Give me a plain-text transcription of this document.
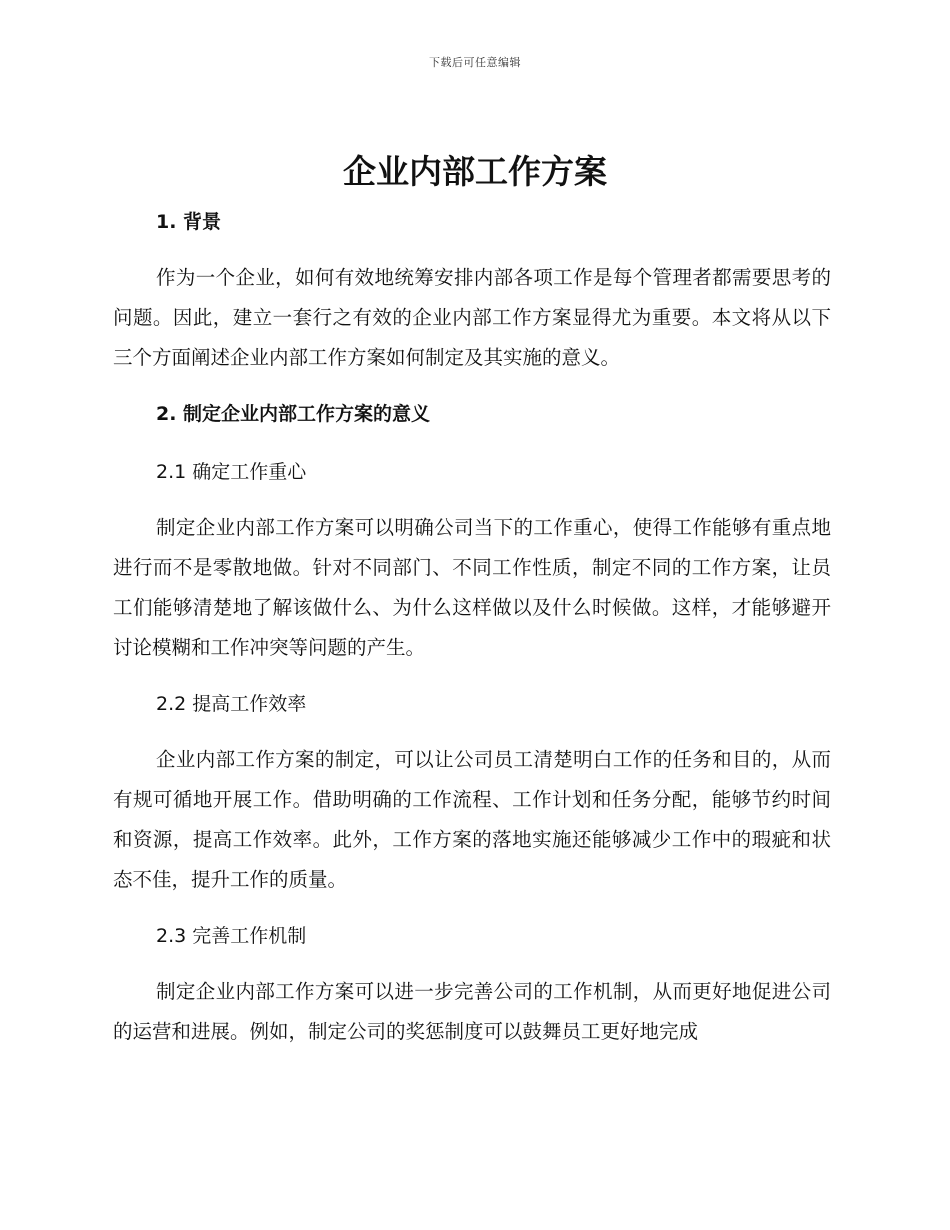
下载后可任意编辑
企业内部工作方案
1. 背景

作为一个企业，如何有效地统筹安排内部各项工作是每个管理者都需要思考的问题。因此，建立一套行之有效的企业内部工作方案显得尤为重要。本文将从以下三个方面阐述企业内部工作方案如何制定及其实施的意义。

2. 制定企业内部工作方案的意义
2.1 确定工作重心

制定企业内部工作方案可以明确公司当下的工作重心，使得工作能够有重点地进行而不是零散地做。针对不同部门、不同工作性质，制定不同的工作方案，让员工们能够清楚地了解该做什么、为什么这样做以及什么时候做。这样，才能够避开讨论模糊和工作冲突等问题的产生。

2.2 提高工作效率

企业内部工作方案的制定，可以让公司员工清楚明白工作的任务和目的，从而有规可循地开展工作。借助明确的工作流程、工作计划和任务分配，能够节约时间和资源，提高工作效率。此外，工作方案的落地实施还能够减少工作中的瑕疵和状态不佳，提升工作的质量。

2.3 完善工作机制

制定企业内部工作方案可以进一步完善公司的工作机制，从而更好地促进公司的运营和进展。例如，制定公司的奖惩制度可以鼓舞员工更好地完成
